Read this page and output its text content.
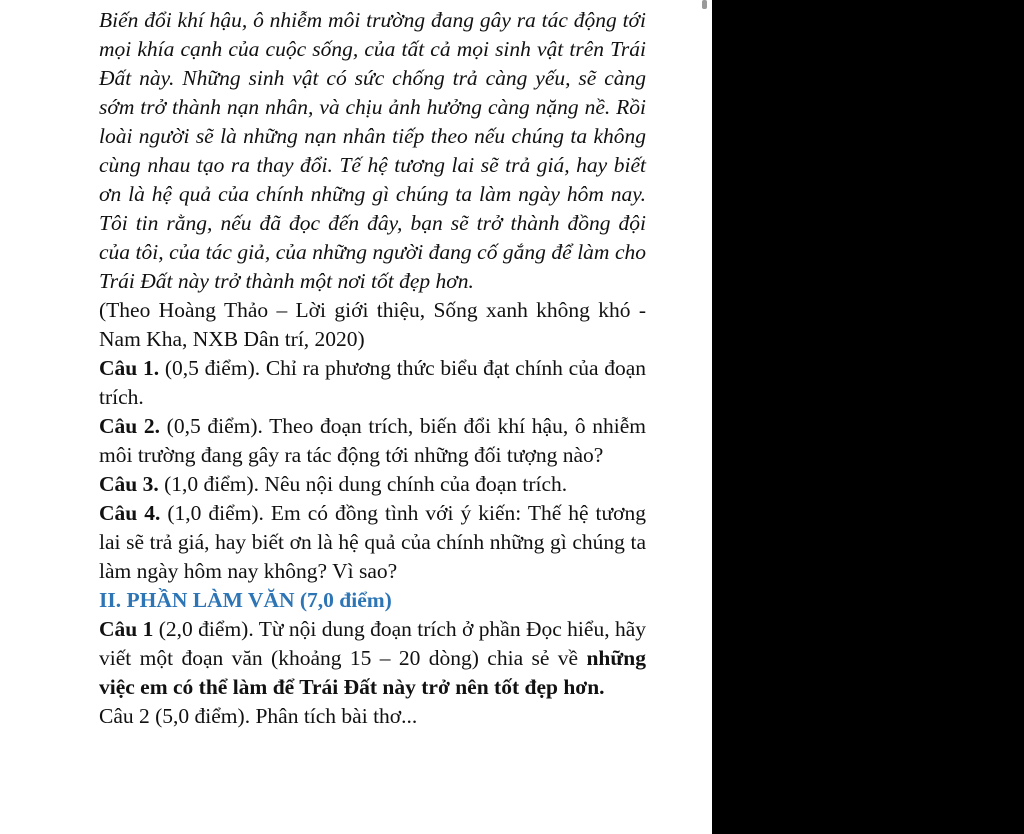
Biến đổi khí hậu, ô nhiễm môi trường đang gây ra tác động tới mọi khía cạnh của cuộc sống, của tất cả mọi sinh vật trên Trái Đất này. Những sinh vật có sức chống trả càng yếu, sẽ càng sớm trở thành nạn nhân, và chịu ảnh hưởng càng nặng nề. Rồi loài người sẽ là những nạn nhân tiếp theo nếu chúng ta không cùng nhau tạo ra thay đổi. Tế hệ tương lai sẽ trả giá, hay biết ơn là hệ quả của chính những gì chúng ta làm ngày hôm nay. Tôi tin rằng, nếu đã đọc đến đây, bạn sẽ trở thành đồng đội của tôi, của tác giả, của những người đang cố gắng để làm cho Trái Đất này trở thành một nơi tốt đẹp hơn.

(Theo Hoàng Thảo – Lời giới thiệu, Sống xanh không khó - Nam Kha, NXB Dân trí, 2020)

Câu 1. (0,5 điểm). Chỉ ra phương thức biểu đạt chính của đoạn trích.

Câu 2. (0,5 điểm). Theo đoạn trích, biến đổi khí hậu, ô nhiễm môi trường đang gây ra tác động tới những đối tượng nào?

Câu 3. (1,0 điểm). Nêu nội dung chính của đoạn trích.

Câu 4. (1,0 điểm). Em có đồng tình với ý kiến: Thế hệ tương lai sẽ trả giá, hay biết ơn là hệ quả của chính những gì chúng ta làm ngày hôm nay không? Vì sao?

II. PHẦN LÀM VĂN (7,0 điểm)

Câu 1 (2,0 điểm). Từ nội dung đoạn trích ở phần Đọc hiểu, hãy viết một đoạn văn (khoảng 15 – 20 dòng) chia sẻ về những việc em có thể làm để Trái Đất này trở nên tốt đẹp hơn.

Câu 2 (5,0 điểm). Phân tích bài thơ...
